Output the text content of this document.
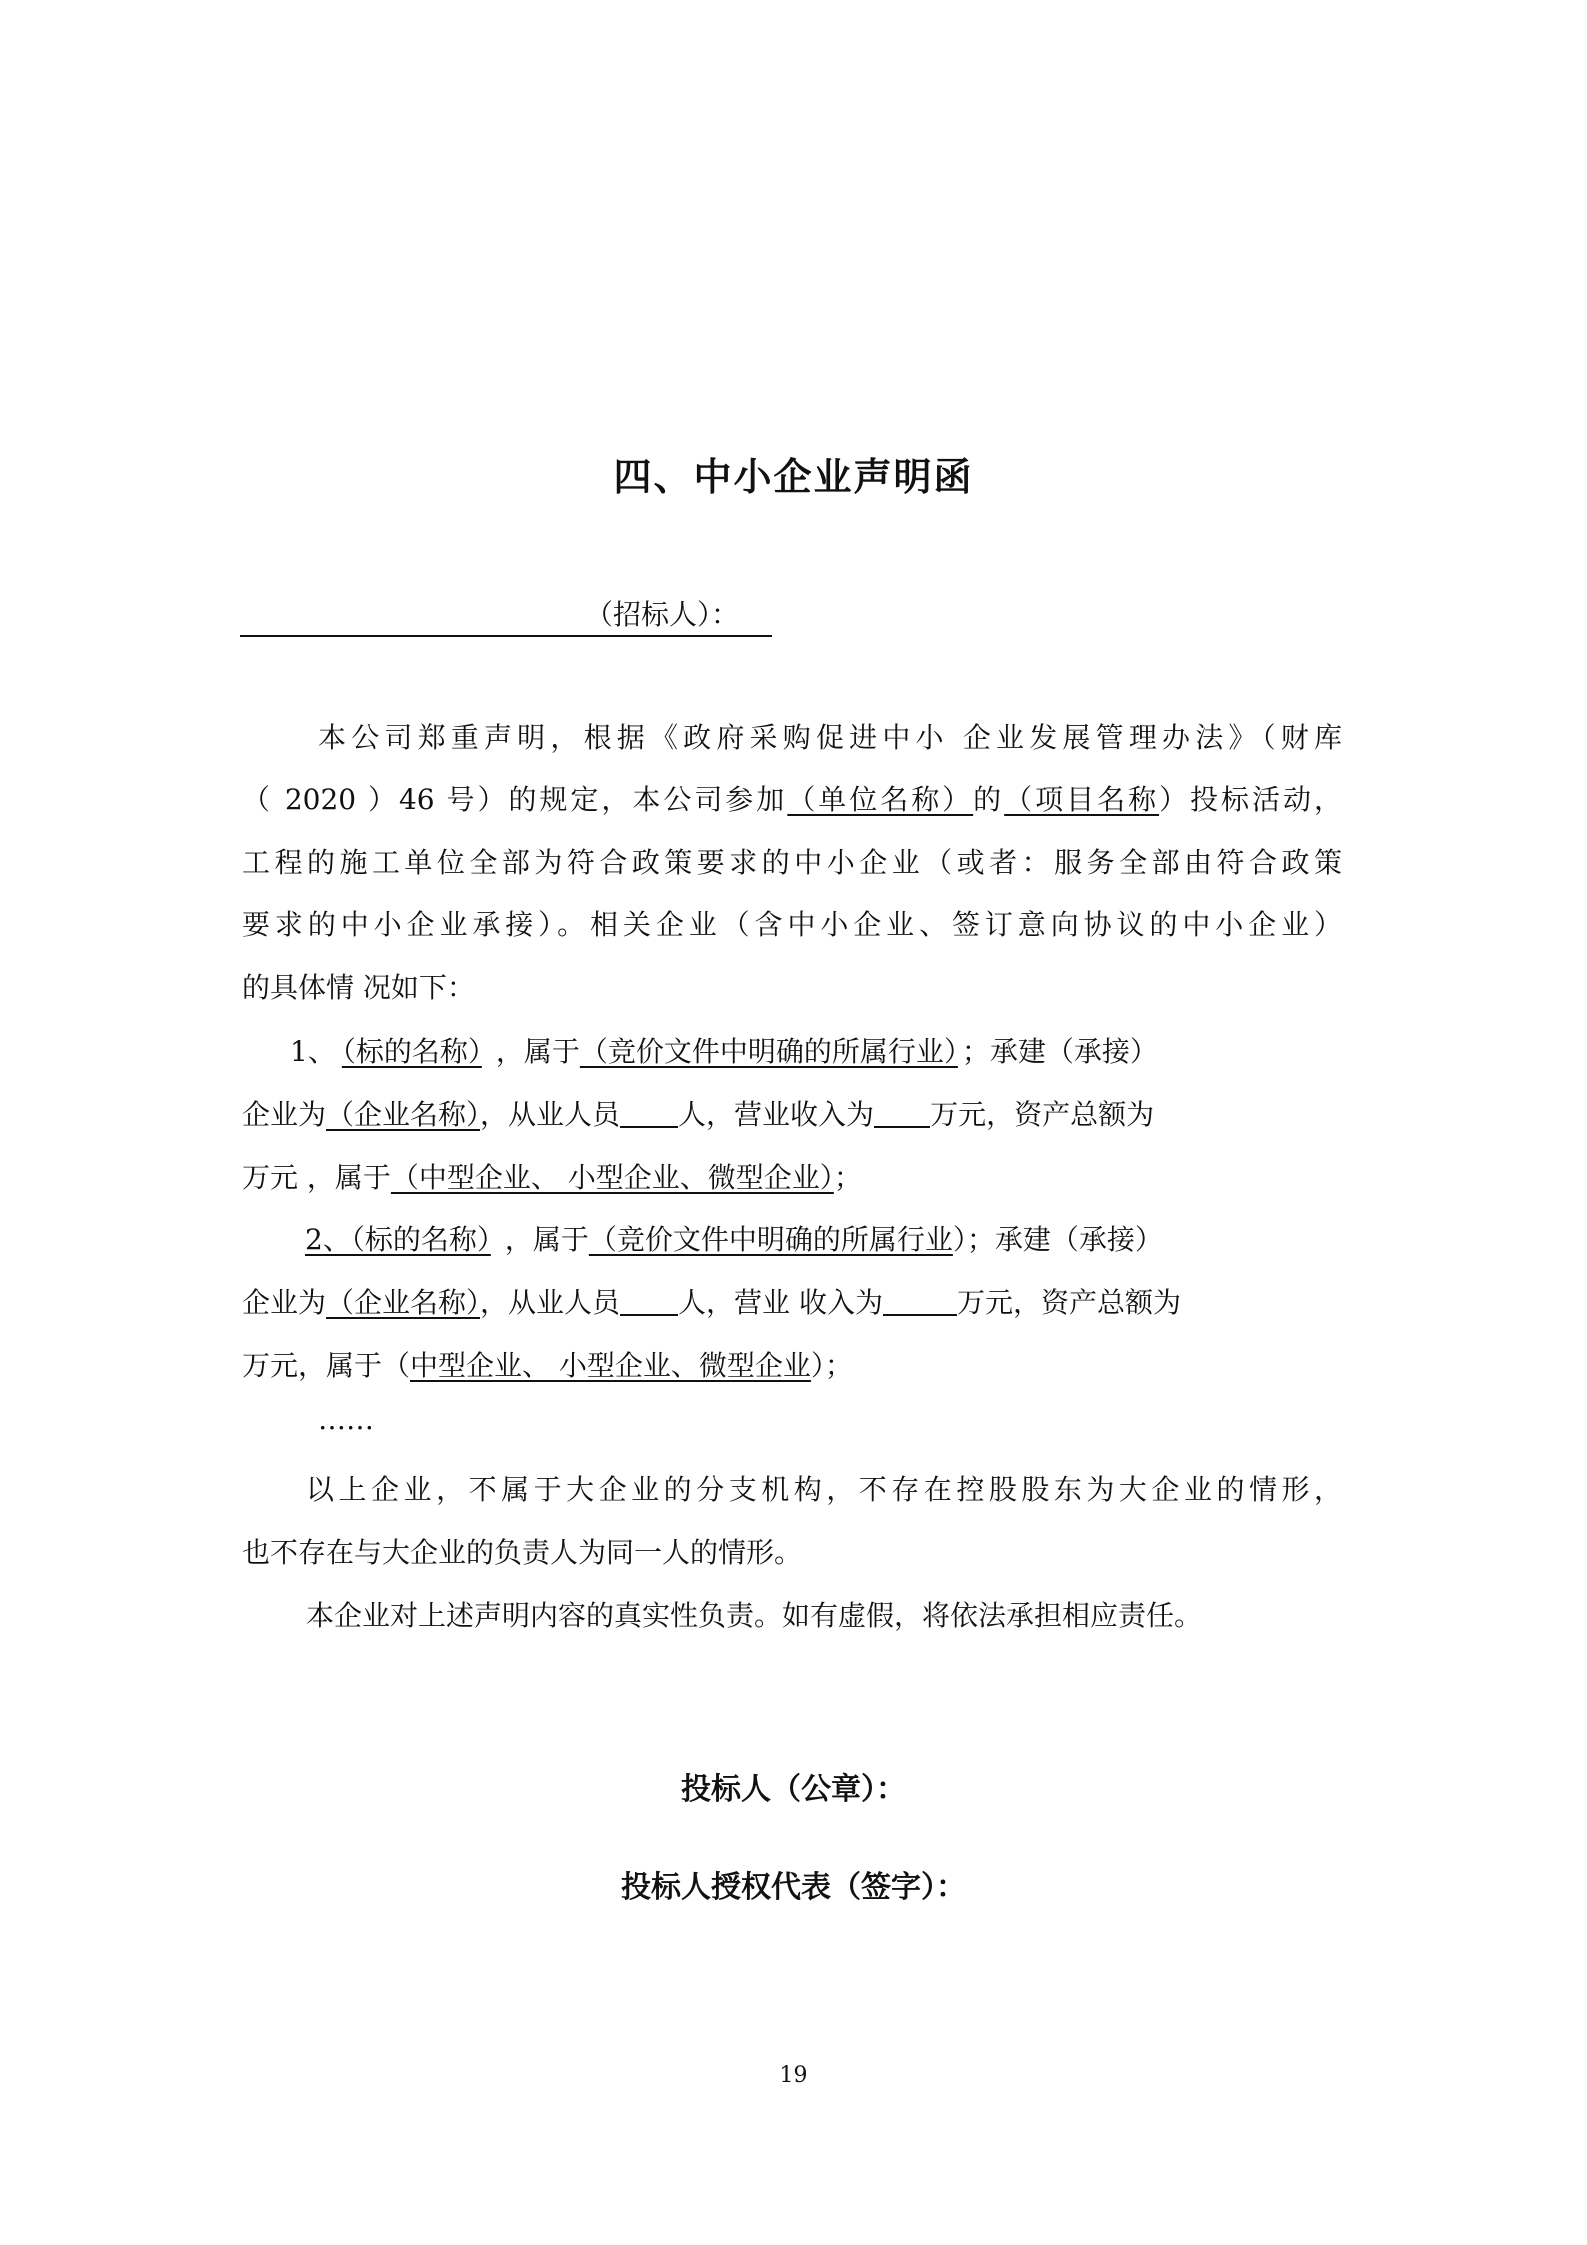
四、中小企业声明函
（招标人）：
本公司郑重声明，根据《政府采购促进中小 企业发展管理办法》（财库
（ 2020 ）46 号）的规定，本公司参加（单位名称）的（项目名称）投标活动，
工程的施工单位全部为符合政策要求的中小企业（或者：服务全部由符合政策
要求的中小企业承接）。相关企业（含中小企业、签订意向协议的中小企业）
的具体情 况如下：
1、 （标的名称） ，属于（竞价文件中明确的所属行业） ；承建（承接）
企业为（企业名称），从业人员 人，营业收入为 万元，资产总额为
万元 ，属于（中型企业、 小型企业、微型企业）；
2、（标的名称） ，属于（竞价文件中明确的所属行业）；承建（承接）
企业为（企业名称），从业人员 人，营业 收入为	万元，资产总额为
万元，属于（中型企业、 小型企业、微型企业）；
……
以上企业，不属于大企业的分支机构，不存在控股股东为大企业的情形，
也不存在与大企业的负责人为同一人的情形。
本企业对上述声明内容的真实性负责。如有虚假，将依法承担相应责任。
投标人（公章）：
投标人授权代表（签字）：
19
